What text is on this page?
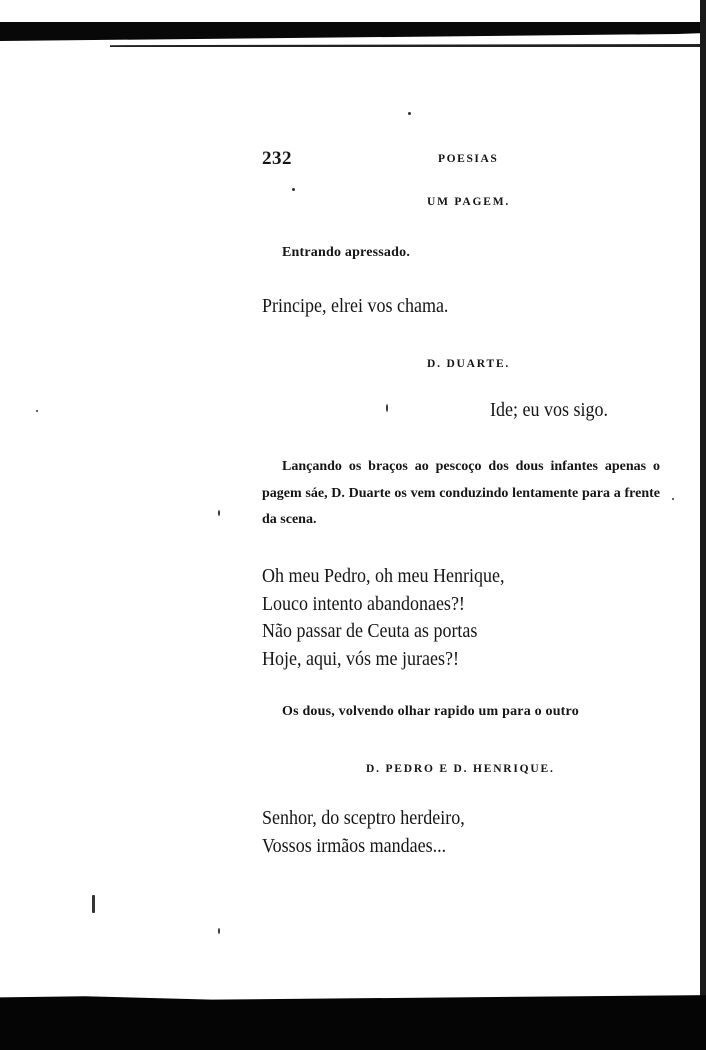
232	POESIAS
UM PAGEM.
Entrando apressado.
Principe, elrei vos chama.
D. DUARTE.
Ide; eu vos sigo.
Lançando os braços ao pescoço dos dous infantes apenas o pagem sáe, D. Duarte os vem conduzindo lentamente para a frente da scena.
Oh meu Pedro, oh meu Henrique,
Louco intento abandonaes?!
Não passar de Ceuta as portas
Hoje, aqui, vós me juraes?!
Os dous, volvendo olhar rapido um para o outro
D. PEDRO E D. HENRIQUE.
Senhor, do sceptro herdeiro,
Vossos irmãos mandaes...
